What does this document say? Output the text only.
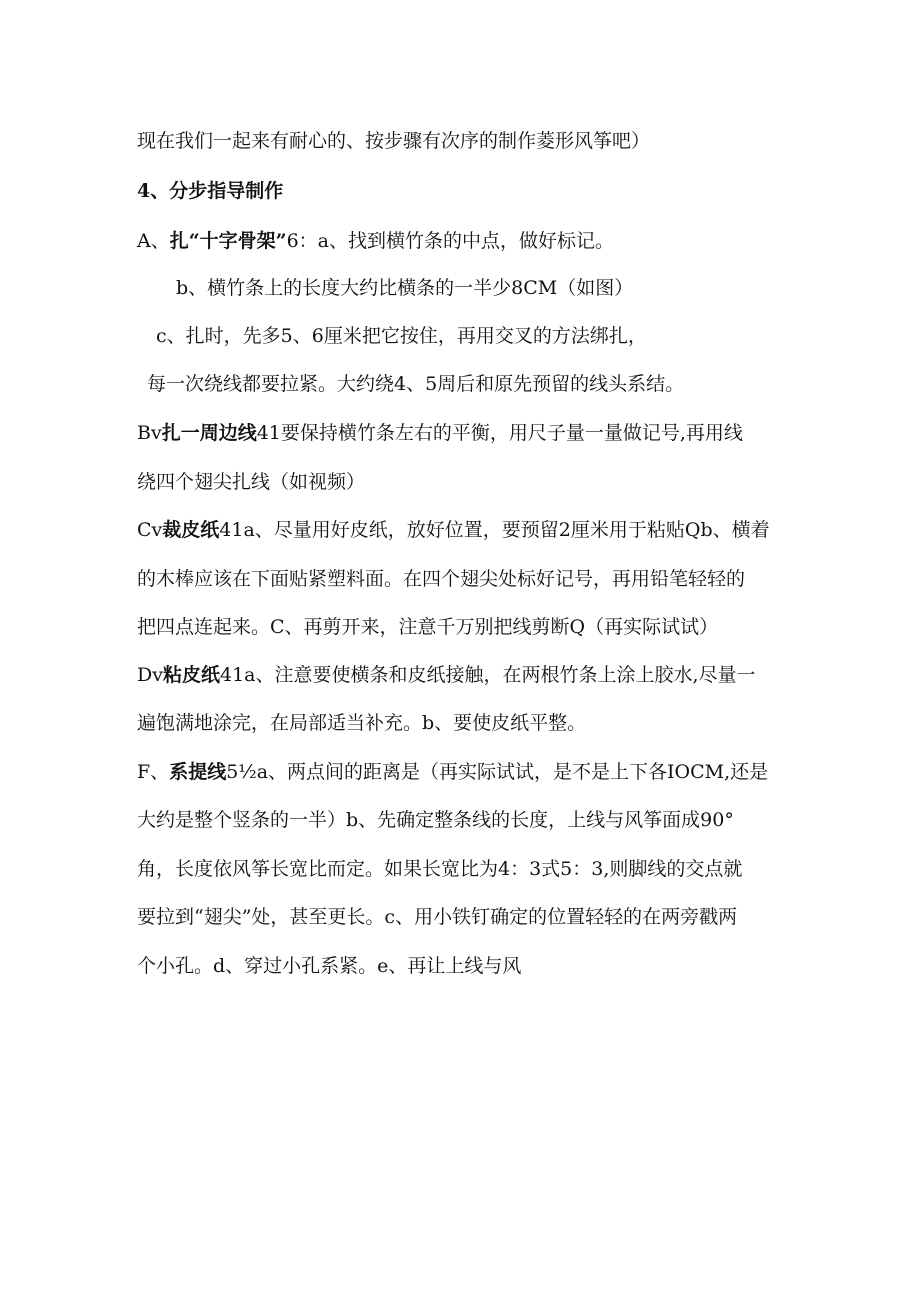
现在我们一起来有耐心的、按步骤有次序的制作菱形风筝吧）
4、分步指导制作
A、扎“十字骨架”6：a、找到横竹条的中点，做好标记。
b、横竹条上的长度大约比横条的一半少8CM（如图）
c、扎时，先多5、6厘米把它按住，再用交叉的方法绑扎，
每一次绕线都要拉紧。大约绕4、5周后和原先预留的线头系结。
Bv扎一周边线41要保持横竹条左右的平衡，用尺子量一量做记号,再用线
绕四个翅尖扎线（如视频）
Cv裁皮纸41a、尽量用好皮纸，放好位置，要预留2厘米用于粘贴Qb、横着
的木棒应该在下面贴紧塑料面。在四个翅尖处标好记号，再用铅笔轻轻的
把四点连起来。C、再剪开来，注意千万别把线剪断Q（再实际试试）
Dv粘皮纸41a、注意要使横条和皮纸接触，在两根竹条上涂上胶水,尽量一
遍饱满地涂完，在局部适当补充。b、要使皮纸平整。
F、系提线5½a、两点间的距离是（再实际试试，是不是上下各IOCM,还是
大约是整个竖条的一半）b、先确定整条线的长度，上线与风筝面成90°
角，长度依风筝长宽比而定。如果长宽比为4：3式5：3,则脚线的交点就
要拉到“翅尖”处，甚至更长。c、用小铁钉确定的位置轻轻的在两旁戳两
个小孔。d、穿过小孔系紧。e、再让上线与风
